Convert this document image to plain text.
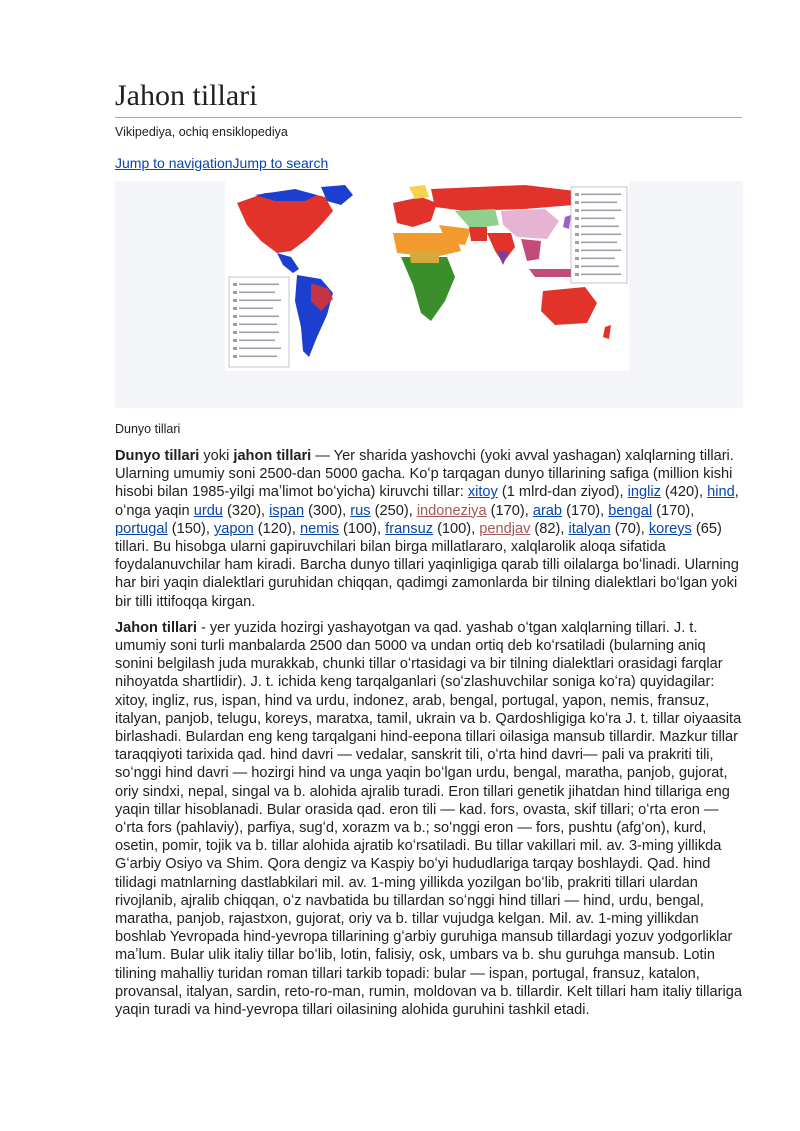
Jahon tillari
Vikipediya, ochiq ensiklopediya
Jump to navigationJump to search
Dunyo tillari

Dunyo tillari yoki jahon tillari — Yer sharida yashovchi (yoki avval yashagan) xalqlarning tillari. Ularning umumiy soni 2500-dan 5000 gacha. Koʻp tarqagan dunyo tillarining safiga (million kishi hisobi bilan 1985-yilgi maʼlimot boʻyicha) kiruvchi tillar: xitoy (1 mlrd-dan ziyod), ingliz (420), hind, oʻnga yaqin urdu (320), ispan (300), rus (250), indoneziya (170), arab (170), bengal (170), portugal (150), yapon (120), nemis (100), fransuz (100), pendjav (82), italyan (70), koreys (65) tillari. Bu hisobga ularni gapiruvchilari bilan birga millatlararo, xalqlarolik aloqa sifatida foydalanuvchilar ham kiradi. Barcha dunyo tillari yaqinligiga qarab tilli oilalarga boʻlinadi. Ularning har biri yaqin dialektlari guruhidan chiqqan, qadimgi zamonlarda bir tilning dialektlari boʻlgan yoki bir tilli ittifoqqa kirgan.

Jahon tillari - yer yuzida hozirgi yashayotgan va qad. yashab oʻtgan xalqlarning tillari. J. t. umumiy soni turli manbalarda 2500 dan 5000 va undan ortiq deb koʻrsatiladi (bularning aniq sonini belgilash juda murakkab, chunki tillar oʻrtasidagi va bir tilning dialektlari orasidagi farqlar nihoyatda shartlidir). J. t. ichida keng tarqalganlari (soʻzlashuvchilar soniga koʻra) quyidagilar: xitoy, ingliz, rus, ispan, hind va urdu, indonez, arab, bengal, portugal, yapon, nemis, fransuz, italyan, panjob, telugu, koreys, maratxa, tamil, ukrain va b. Qardoshligiga koʻra J. t. tillar oiyaasita birlashadi. Bulardan eng keng tarqalgani hind-eepona tillari oilasiga mansub tillardir. Mazkur tillar taraqqiyoti tarixida qad. hind davri — vedalar, sanskrit tili, oʻrta hind davri— pali va prakriti tili, soʻnggi hind davri — hozirgi hind va unga yaqin boʻlgan urdu, bengal, maratha, panjob, gujorat, oriy sindxi, nepal, singal va b. alohida ajralib turadi. Eron tillari genetik jihatdan hind tillariga eng yaqin tillar hisoblanadi. Bular orasida qad. eron tili — kad. fors, ovasta, skif tillari; oʻrta eron — oʻrta fors (pahlaviy), parfiya, sugʻd, xorazm va b.; soʻnggi eron — fors, pushtu (afgʻon), kurd, osetin, pomir, tojik va b. tillar alohida ajratib koʻrsatiladi. Bu tillar vakillari mil. av. 3-ming yillikda Gʻarbiy Osiyo va Shim. Qora dengiz va Kaspiy boʻyi hududlariga tarqay boshlaydi. Qad. hind tilidagi matnlarning dastlabkilari mil. av. 1-ming yillikda yozilgan boʻlib, prakriti tillari ulardan rivojlanib, ajralib chiqqan, oʻz navbatida bu tillardan soʻnggi hind tillari — hind, urdu, bengal, maratha, panjob, rajastxon, gujorat, oriy va b. tillar vujudga kelgan. Mil. av. 1-ming yillikdan boshlab Yevropada hind-yevropa tillarining gʻarbiy guruhiga mansub tillardagi yozuv yodgorliklar maʼlum. Bular ulik italiy tillar boʻlib, lotin, falisiy, osk, umbars va b. shu guruhga mansub. Lotin tilining mahalliy turidan roman tillari tarkib topadi: bular — ispan, portugal, fransuz, katalon, provansal, italyan, sardin, reto-ro-man, rumin, moldovan va b. tillardir. Kelt tillari ham italiy tillariga yaqin turadi va hind-yevropa tillari oilasining alohida guruhini tashkil etadi.
